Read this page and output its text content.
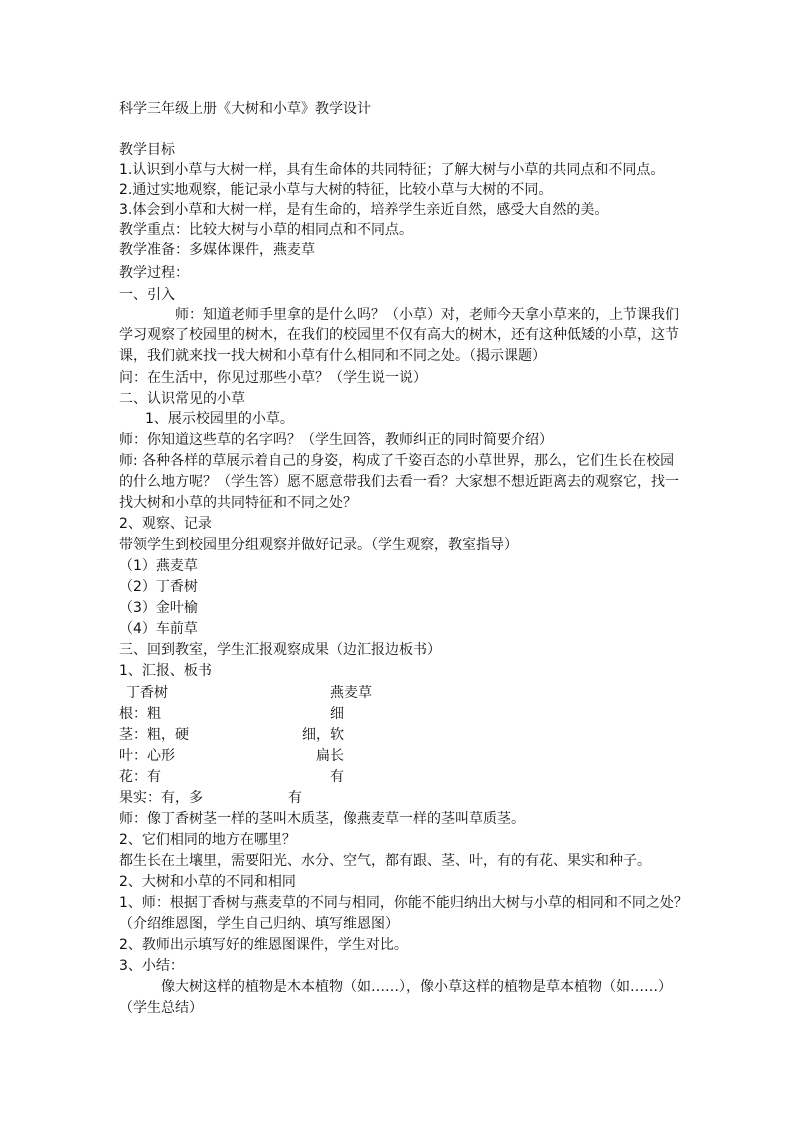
科学三年级上册《大树和小草》教学设计
教学目标
1.认识到小草与大树一样，具有生命体的共同特征；了解大树与小草的共同点和不同点。
2.通过实地观察，能记录小草与大树的特征，比较小草与大树的不同。
3.体会到小草和大树一样，是有生命的，培养学生亲近自然，感受大自然的美。
教学重点：比较大树与小草的相同点和不同点。
教学准备：多媒体课件，燕麦草
教学过程：
一、引入
师：知道老师手里拿的是什么吗？（小草）对，老师今天拿小草来的，上节课我们
学习观察了校园里的树木，在我们的校园里不仅有高大的树木，还有这种低矮的小草，这节
课，我们就来找一找大树和小草有什么相同和不同之处。（揭示课题）
问：在生活中，你见过那些小草？（学生说一说）
二、认识常见的小草
1、展示校园里的小草。
师：你知道这些草的名字吗？（学生回答，教师纠正的同时简要介绍）
师: 各种各样的草展示着自己的身姿，构成了千姿百态的小草世界，那么，它们生长在校园
的什么地方呢？（学生答）愿不愿意带我们去看一看？大家想不想近距离去的观察它，找一
找大树和小草的共同特征和不同之处？
2、观察、记录
带领学生到校园里分组观察并做好记录。（学生观察，教室指导）
（1）燕麦草
（2）丁香树
（3）金叶榆
（4）车前草
三、回到教室，学生汇报观察成果（边汇报边板书）
1、汇报、板书
丁香树	燕麦草
根：粗	细
茎：粗，硬	细，软
叶：心形	扁长
花：有	有
果实：有，多	有
师：像丁香树茎一样的茎叫木质茎，像燕麦草一样的茎叫草质茎。
2、它们相同的地方在哪里？
都生长在土壤里，需要阳光、水分、空气，都有跟、茎、叶，有的有花、果实和种子。
2、大树和小草的不同和相同
1、师：根据丁香树与燕麦草的不同与相同，你能不能归纳出大树与小草的相同和不同之处？
（介绍维恩图，学生自己归纳、填写维恩图）
2、教师出示填写好的维恩图课件，学生对比。
3、小结：
像大树这样的植物是木本植物（如……），像小草这样的植物是草本植物（如……）
（学生总结）
